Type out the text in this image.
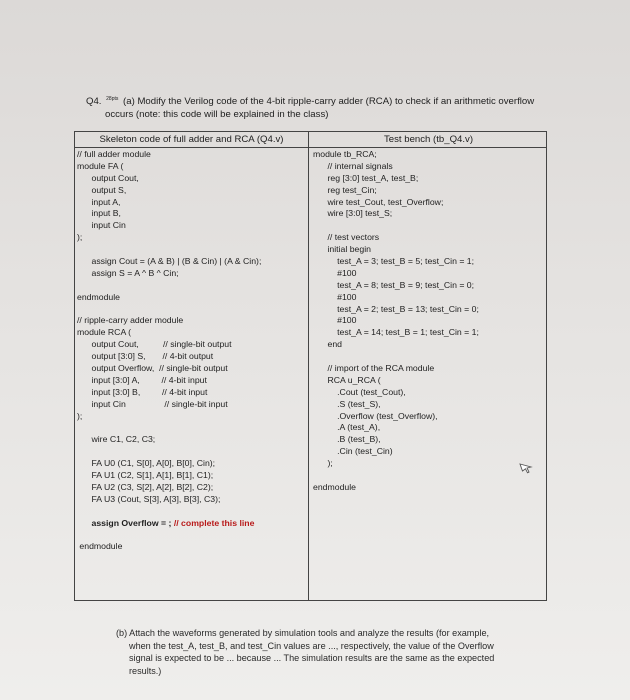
Q4. $^{28pts}$ (a) Modify the Verilog code of the 4-bit ripple-carry adder (RCA) to check if an arithmetic overflow
occurs (note: this code will be explained in the class)
Skeleton code of full adder and RCA (Q4.v)	Test bench (tb_Q4.v)
// full adder module
module FA (
output Cout,
output S,
input A,
input B,
input Cin
);
assign Cout = (A & B) | (B & Cin) | (A & Cin);
assign S = A ^ B ^ Cin;
endmodule
// ripple-carry adder module
module RCA (
output Cout,          // single-bit output
output [3:0] S,       // 4-bit output
output Overflow,  // single-bit output
input [3:0] A,         // 4-bit input
input [3:0] B,         // 4-bit input
input Cin                // single-bit input
);
wire C1, C2, C3;
FA U0 (C1, S[0], A[0], B[0], Cin);
FA U1 (C2, S[1], A[1], B[1], C1);
FA U2 (C3, S[2], A[2], B[2], C2);
FA U3 (Cout, S[3], A[3], B[3], C3);
assign Overflow = ; // complete this line
endmodule
module tb_RCA;
// internal signals
reg [3:0] test_A, test_B;
reg test_Cin;
wire test_Cout, test_Overflow;
wire [3:0] test_S;
// test vectors
initial begin
test_A = 3; test_B = 5; test_Cin = 1;
#100
test_A = 8; test_B = 9; test_Cin = 0;
#100
test_A = 2; test_B = 13; test_Cin = 0;
#100
test_A = 14; test_B = 1; test_Cin = 1;
end
// import of the RCA module
RCA u_RCA (
.Cout (test_Cout),
.S (test_S),
.Overflow (test_Overflow),
.A (test_A),
.B (test_B),
.Cin (test_Cin)
);
endmodule
(b) Attach the waveforms generated by simulation tools and analyze the results (for example,
when the test_A, test_B, and test_Cin values are ..., respectively, the value of the Overflow
signal is expected to be ... because ... The simulation results are the same as the expected
results.)
